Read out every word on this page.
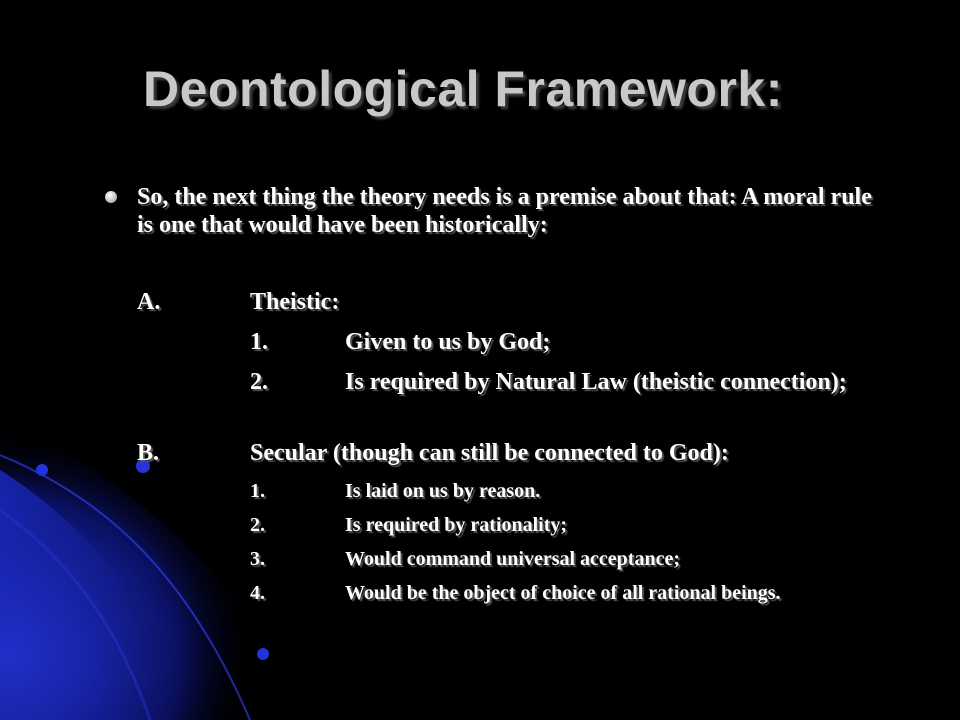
Deontological Framework:
So, the next thing the theory needs is a premise about that: A moral rule
is one that would have been historically:
A.	Theistic:
1.	Given to us by God;
2.	Is required by Natural Law (theistic connection);
B.	Secular (though can still be connected to God):
1.	Is laid on us by reason.
2.	Is required by rationality;
3.	Would command universal acceptance;
4.	Would be the object of choice of all rational beings.
